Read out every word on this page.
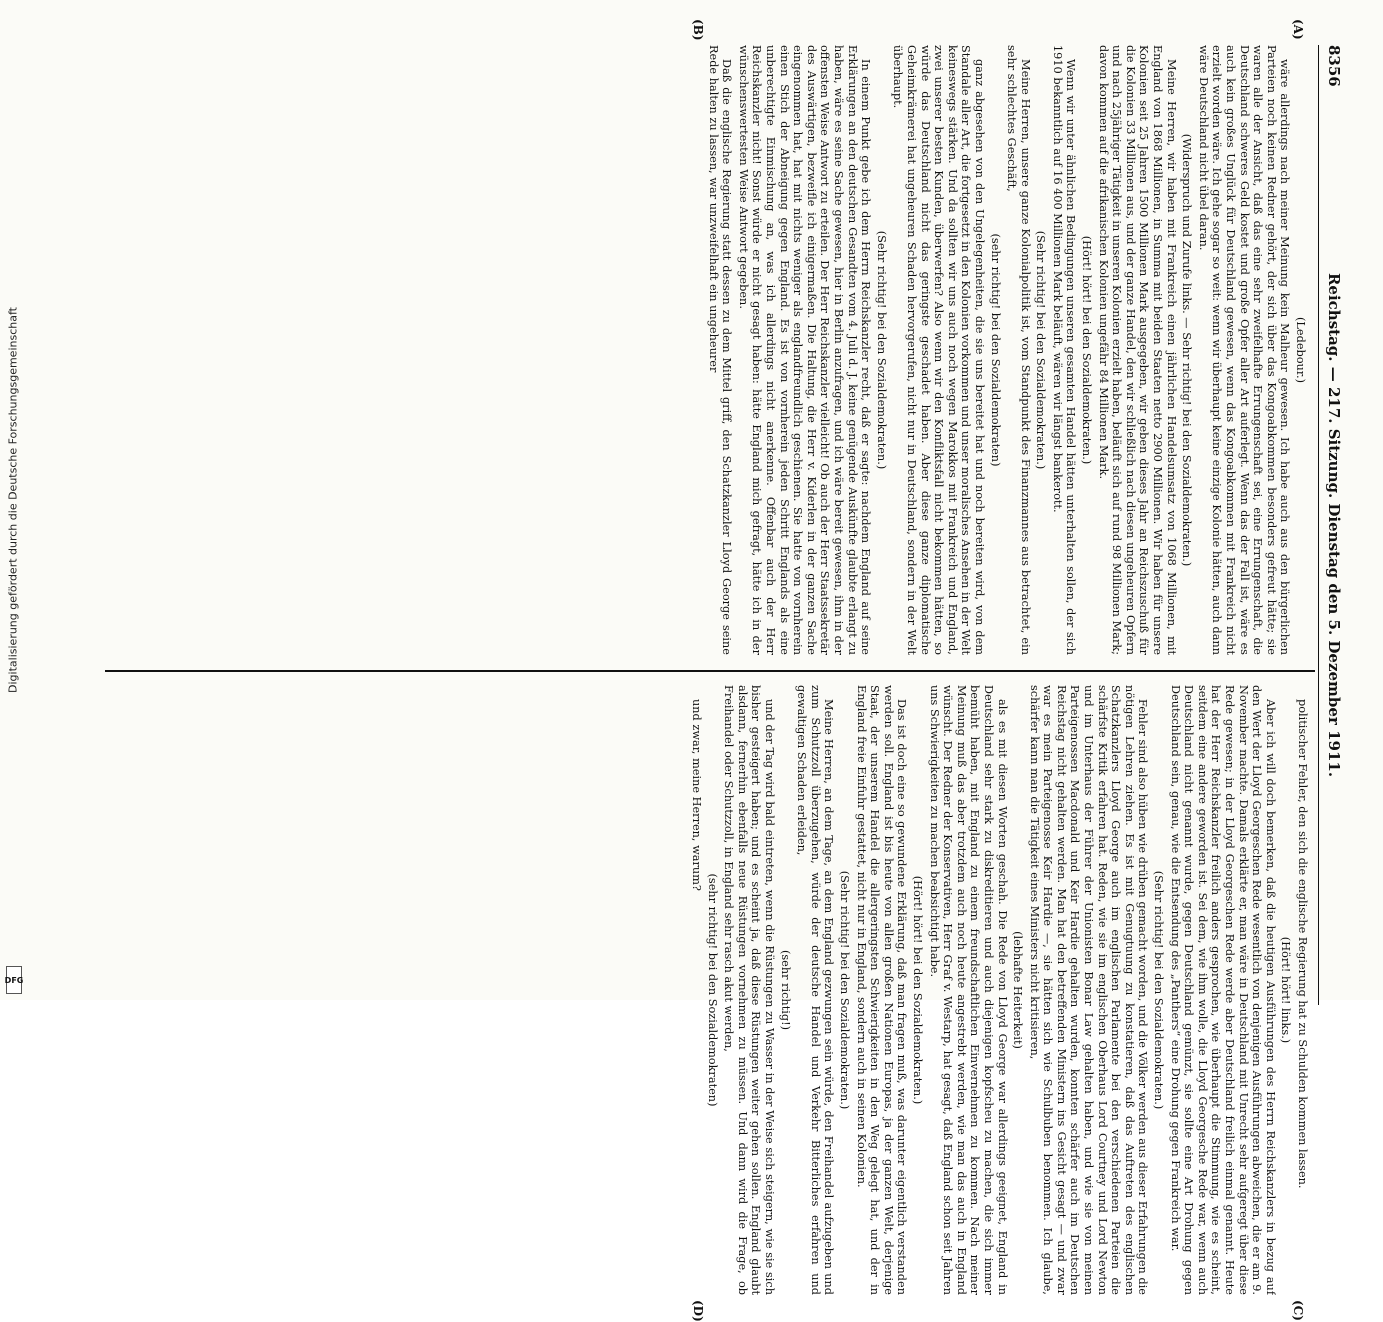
Digitalisierung gefördert durch die Deutsche Forschungsgemeinschaft
DFG
8356
Reichstag. — 217. Sitzung. Dienstag den 5. Dezember 1911.
(A)
(B)
(C)
(D)

(Ledebour.)

wäre allerdings nach meiner Meinung kein Malheur gewesen. Ich habe auch aus den bürgerlichen Parteien noch keinen Redner gehört, der sich über das Kongoabkommen besonders gefreut hätte; sie waren alle der Ansicht, daß das eine sehr zweifelhafte Errungenschaft sei, eine Errungenschaft, die Deutschland schweres Geld kostet und große Opfer aller Art auferlegt. Wenn das der Fall ist, wäre es auch kein großes Unglück für Deutschland gewesen, wenn das Kongoabkommen mit Frankreich nicht erzielt worden wäre. Ich gehe sogar so weit: wenn wir überhaupt keine einzige Kolonie hätten, auch dann wäre Deutschland nicht übel daran.

(Widerspruch und Zurufe links. — Sehr richtig! bei den Sozialdemokraten.)

Meine Herren, wir haben mit Frankreich einen jährlichen Handelsumsatz von 1068 Millionen, mit England von 1868 Millionen, in Summa mit beiden Staaten netto 2900 Millionen. Wir haben für unsere Kolonien seit 25 Jahren 1500 Millionen Mark ausgegeben, wir geben dieses Jahr an Reichszuschuß für die Kolonien 33 Millionen aus, und der ganze Handel, den wir schließlich nach diesen ungeheuren Opfern und nach 25jähriger Tätigkeit in unseren Kolonien erzielt haben, beläuft sich auf rund 98 Millionen Mark; davon kommen auf die afrikanischen Kolonien ungefähr 84 Millionen Mark.

(Hört! hört! bei den Sozialdemokraten.)

Wenn wir unter ähnlichen Bedingungen unseren gesamten Handel hätten unterhalten sollen, der sich 1910 bekanntlich auf 16 400 Millionen Mark beläuft, wären wir längst bankerott.

(Sehr richtig! bei den Sozialdemokraten.)

Meine Herren, unsere ganze Kolonialpolitik ist, vom Standpunkt des Finanzmannes aus betrachtet, ein sehr schlechtes Geschäft,

(sehr richtig! bei den Sozialdemokraten)

ganz abgesehen von den Ungelegenheiten, die sie uns bereitet hat und noch bereiten wird, von dem Standale aller Art, die fortgesetzt in den Kolonien vorkommen und unser moralisches Ansehen in der Welt keineswegs stärken. Und da sollten wir uns auch noch wegen Marokkos mit Frankreich und England, zwei unserer besten Kunden, überwerfen? Also wenn wir den Konfliktsfall nicht bekommen hätten, so würde das Deutschland nicht das geringste geschadet haben. Aber diese ganze diplomatische Geheimkrämerei hat ungeheuren Schaden hervorgerufen, nicht nur in Deutschland, sondern in der Welt überhaupt.

(Sehr richtig! bei den Sozialdemokraten.)

In einem Punkt gebe ich dem Herrn Reichskanzler recht, daß er sagte: nachdem England auf seine Erklärungen an den deutschen Gesandten vom 4. Juli d. J. keine genügende Auskünfte glaubte erlangt zu haben, wäre es seine Sache gewesen, hier in Berlin anzufragen, und ich wäre bereit gewesen, ihm in der offensten Weise Antwort zu erteilen. Der Herr Reichskanzler vielleicht! Ob auch der Herr Staatssekretär des Auswärtigen, bezweifle ich einigermaßen. Die Haltung, die Herr v. Kiderlen in der ganzen Sache eingenommen hat, hat mit nichts weniger als englandfreundlich geschienen. Sie hatte von vornherein einen Stich der Abneigung gegen England. Es ist von vornherein jeden Schritt Englands als eine unberechtigte Einmischung an, was ich allerdings nicht anerkenne. Offenbar auch der Herr Reichskanzler nicht! Sonst würde er nicht gesagt haben: hätte England mich gefragt, hätte ich in der wünschenswertesten Weise Antwort gegeben.

Daß die englische Regierung statt dessen zu dem Mittel griff, den Schatzkanzler Lloyd George seine Rede halten zu lassen, war unzweifelhaft ein ungeheurer

politischer Fehler, den sich die englische Regierung hat zu Schulden kommen lassen.

(Hört! hört! links.)

Aber ich will doch bemerken, daß die heutigen Ausführungen des Herrn Reichskanzlers in bezug auf den Wert der Lloyd Georgeschen Rede wesentlich von denjenigen Ausführungen abweichen, die er am 9. November machte. Damals erklärte er, man wäre in Deutschland mit Unrecht sehr aufgeregt über diese Rede gewesen; in der Lloyd Georgeschen Rede werde aber Deutschland freilich einmal genannt. Heute hat der Herr Reichskanzler freilich anders gesprochen, wie überhaupt die Stimmung, wie es scheint, seitdem eine andere geworden ist. Sei dem, wie ihm wolle, die Lloyd Georgesche Rede war, wenn auch Deutschland nicht genannt wurde, gegen Deutschland gemünzt, sie sollte eine Art Drohung gegen Deutschland sein, genau, wie die Entsendung des „Panthers“ eine Drohung gegen Frankreich war.

(Sehr richtig! bei den Sozialdemokraten.)

Fehler sind also hüben wie drüben gemacht worden, und die Völker werden aus dieser Erfahrungen die nötigen Lehren ziehen. Es ist mit Genugtuung zu konstatieren, daß das Auftreten des englischen Schatzkanzlers Lloyd George auch im englischen Parlamente bei den verschiedenen Parteien die schärfste Kritik erfahren hat. Reden, wie sie im englischen Oberhaus Lord Courtney und Lord Newton und im Unterhaus der Führer der Unionisten Bonar Law gehalten haben, und wie sie von meinen Parteigenossen Macdonald und Keir Hardie gehalten wurden, konnten schärfer auch im Deutschen Reichstag nicht gehalten werden. Man hat den betreffenden Ministern ins Gesicht gesagt — und zwar war es mein Parteigenosse Keir Hardie —, sie hätten sich wie Schulbuben benommen. Ich glaube, schärfer kann man die Tätigkeit eines Ministers nicht kritisieren,

(lebhafte Heiterkeit)

als es mit diesen Worten geschah. Die Rede von Lloyd George war allerdings geeignet, England in Deutschland sehr stark zu diskreditieren und auch diejenigen kopfscheu zu machen, die sich immer bemüht haben, mit England zu einem freundschaftlichen Einvernehmen zu kommen. Nach meiner Meinung muß das aber trotzdem auch noch heute angestrebt werden, wie man das auch in England wünscht. Der Redner der Konservativen, Herr Graf v. Westarp, hat gesagt, daß England schon seit Jahren uns Schwierigkeiten zu machen beabsichtigt habe.

(Hört! hört! bei den Sozialdemokraten.)

Das ist doch eine so gewundene Erklärung, daß man fragen muß, was darunter eigentlich verstanden werden soll. England ist bis heute von allen großen Nationen Europas, ja der ganzen Welt, derjenige Staat, der unserem Handel die allergeringsten Schwierigkeiten in den Weg gelegt hat, und der in England freie Einfuhr gestattet, nicht nur in England, sondern auch in seinen Kolonien.

(Sehr richtig! bei den Sozialdemokraten.)

Meine Herren, an dem Tage, an dem England gezwungen sein würde, den Freihandel aufzugeben und zum Schutzzoll überzugehen, würde der deutsche Handel und Verkehr Bitterliches erfahren und gewaltigen Schaden erleiden,

(sehr richtig!)

und der Tag wird bald eintreten, wenn die Rüstungen zu Wasser in der Weise sich steigern, wie sie sich bisher gesteigert haben; und es scheint ja, daß diese Rüstungen weiter gehen sollen. England glaubt alsdann, fernerhin ebenfalls neue Rüstungen vornehmen zu müssen. Und dann wird die Frage, ob Freihandel oder Schutzzoll, in England sehr rasch akut werden,

(sehr richtig! bei den Sozialdemokraten)

und zwar, meine Herren, warum?
